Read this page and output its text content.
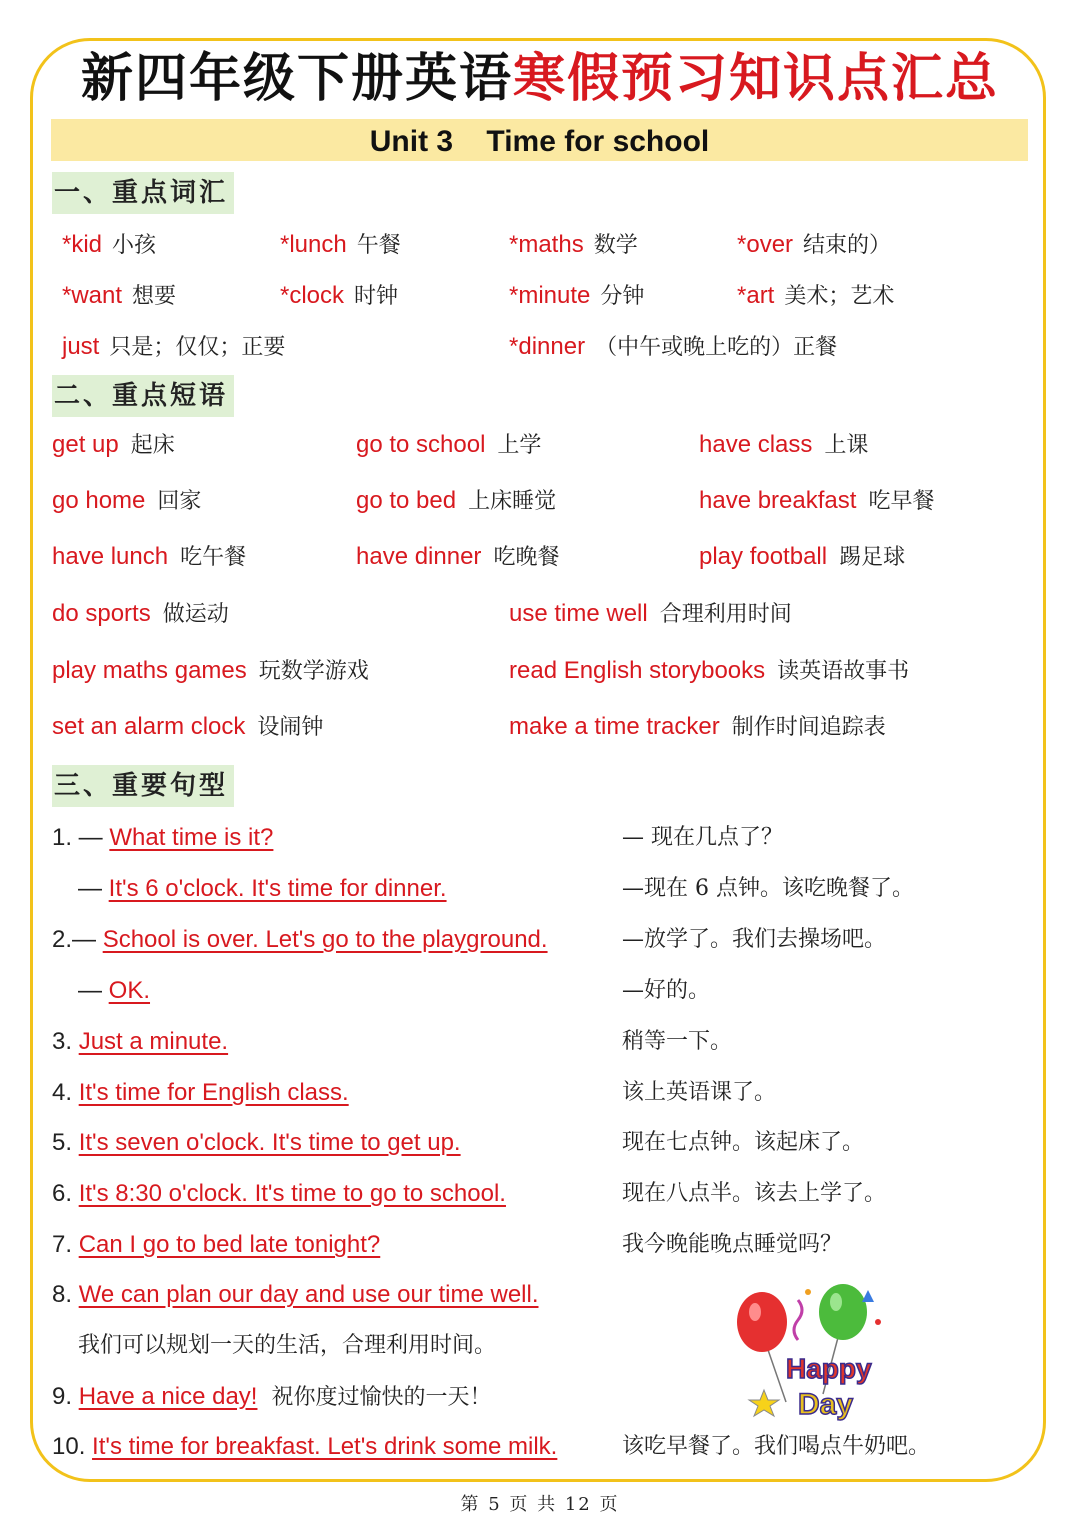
新四年级下册英语寒假预习知识点汇总
Unit 3    Time for school
一、重点词汇
*kid 小孩	*lunch 午餐	*maths 数学	*over 结束的）
*want 想要	*clock 时钟	*minute 分钟	*art 美术；艺术
just 只是；仅仅；正要	*dinner （中午或晚上吃的）正餐
二、重点短语
get up 起床	go to school 上学	have class 上课
go home 回家	go to bed 上床睡觉	have breakfast 吃早餐
have lunch 吃午餐	have dinner 吃晚餐	play football 踢足球
do sports 做运动	use time well 合理利用时间
play maths games 玩数学游戏	read English storybooks 读英语故事书
set an alarm clock 设闹钟	make a time tracker 制作时间追踪表
三、重要句型
1. — What time is it?	— 现在几点了？
— It's 6 o'clock. It's time for dinner.	—现在 6 点钟。该吃晚餐了。
2.— School is over. Let's go to the playground.	—放学了。我们去操场吧。
— OK.	—好的。
3. Just a minute.	稍等一下。
4. It's time for English class.	该上英语课了。
5. It's seven o'clock. It's time to get up.	现在七点钟。该起床了。
6. It's 8:30 o'clock. It's time to go to school.	现在八点半。该去上学了。
7. Can I go to bed late tonight?	我今晚能晚点睡觉吗？
8. We can plan our day and use our time well.
我们可以规划一天的生活，合理利用时间。
9. Have a nice day! 祝你度过愉快的一天！
10. It's time for breakfast. Let's drink some milk.	该吃早餐了。我们喝点牛奶吧。
Happy
Day
第 5 页 共 12 页
